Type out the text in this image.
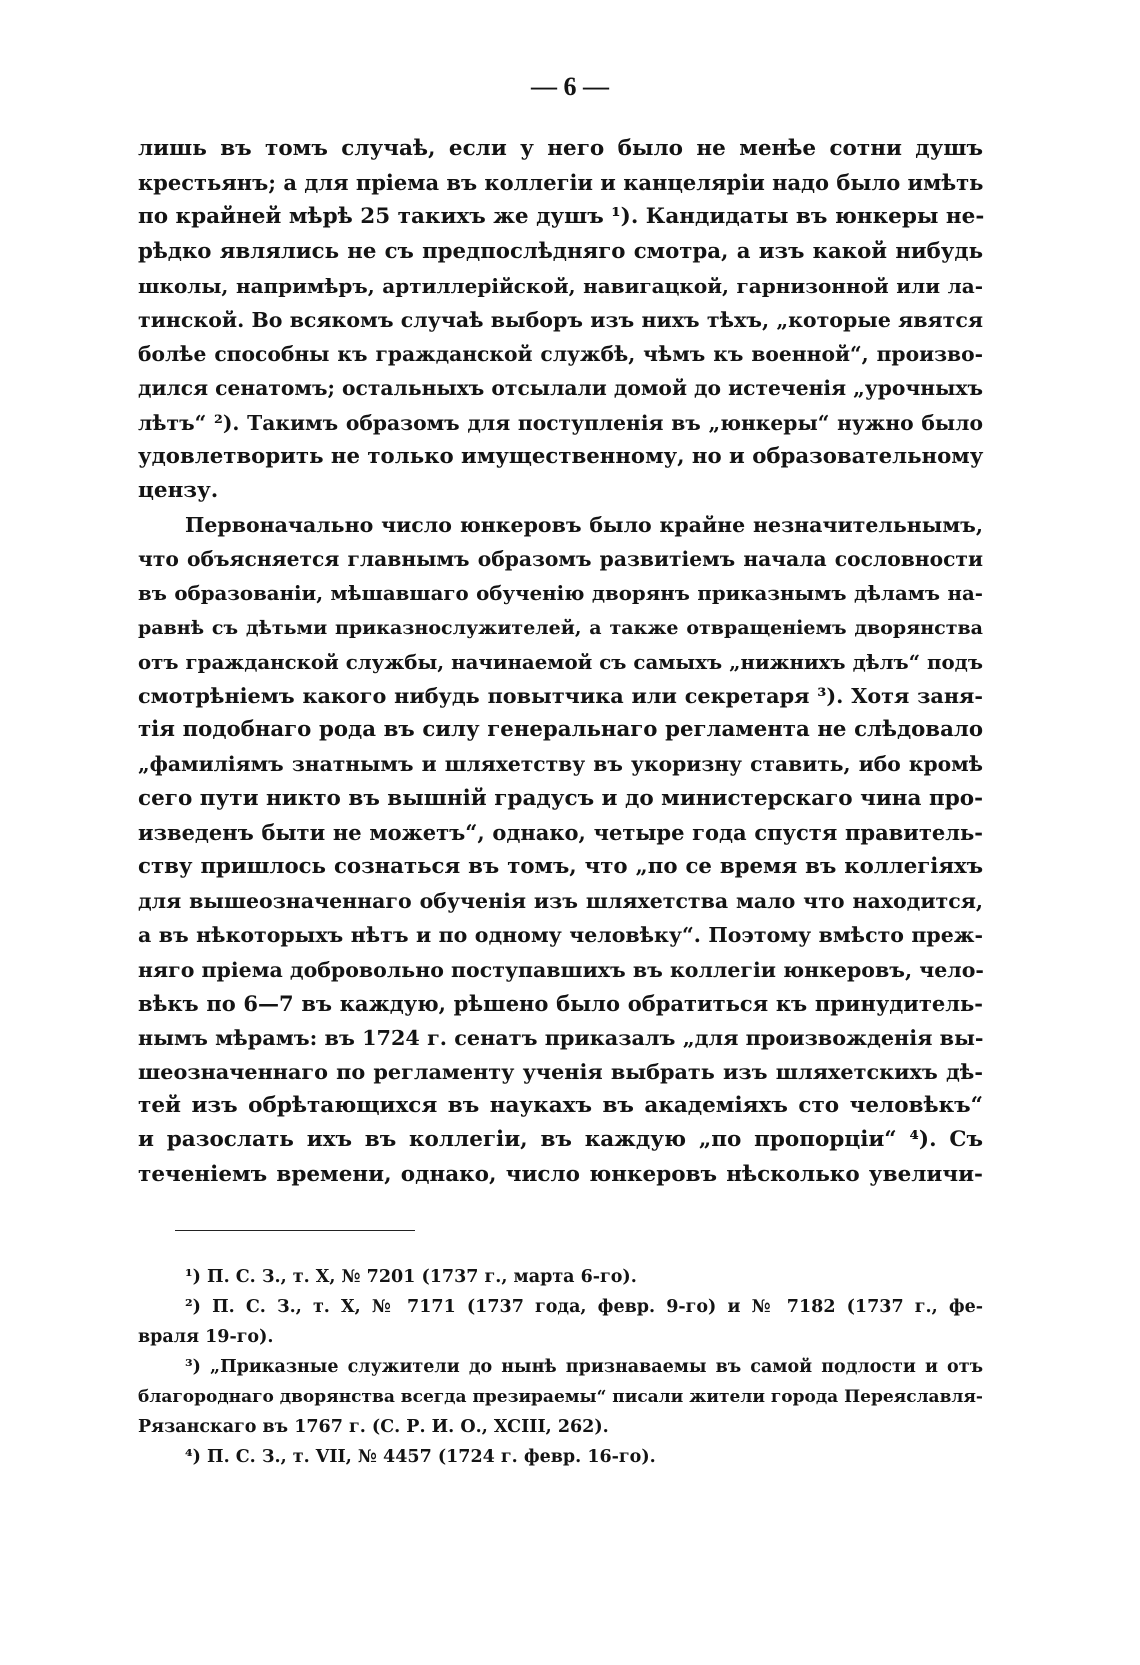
— 6 —
лишь въ томъ случаѣ, если у него было не менѣе сотни душъ
крестьянъ; а для пріема въ коллегіи и канцеляріи надо было имѣть
по крайней мѣрѣ 25 такихъ же душъ ¹). Кандидаты въ юнкеры не-
рѣдко являлись не съ предпослѣдняго смотра, а изъ какой нибудь
школы, напримѣръ, артиллерійской, навигацкой, гарнизонной или ла-
тинской. Во всякомъ случаѣ выборъ изъ нихъ тѣхъ, „которые явятся
болѣе способны къ гражданской службѣ, чѣмъ къ военной“, произво-
дился сенатомъ; остальныхъ отсылали домой до истеченія „урочныхъ
лѣтъ“ ²). Такимъ образомъ для поступленія въ „юнкеры“ нужно было
удовлетворить не только имущественному, но и образовательному
цензу.
Первоначально число юнкеровъ было крайне незначительнымъ,
что объясняется главнымъ образомъ развитіемъ начала сословности
въ образованіи, мѣшавшаго обученію дворянъ приказнымъ дѣламъ на-
равнѣ съ дѣтьми приказнослужителей, а также отвращеніемъ дворянства
отъ гражданской службы, начинаемой съ самыхъ „нижнихъ дѣлъ“ подъ
смотрѣніемъ какого нибудь повытчика или секретаря ³). Хотя заня-
тія подобнаго рода въ силу генеральнаго регламента не слѣдовало
„фамиліямъ знатнымъ и шляхетству въ укоризну ставить, ибо кромѣ
сего пути никто въ вышній градусъ и до министерскаго чина про-
изведенъ быти не можетъ“, однако, четыре года спустя правитель-
ству пришлось сознаться въ томъ, что „по се время въ коллегіяхъ
для вышеозначеннаго обученія изъ шляхетства мало что находится,
а въ нѣкоторыхъ нѣтъ и по одному человѣку“. Поэтому вмѣсто преж-
няго пріема добровольно поступавшихъ въ коллегіи юнкеровъ, чело-
вѣкъ по 6—7 въ каждую, рѣшено было обратиться къ принудитель-
нымъ мѣрамъ: въ 1724 г. сенатъ приказалъ „для произвожденія вы-
шеозначеннаго по регламенту ученія выбрать изъ шляхетскихъ дѣ-
тей изъ обрѣтающихся въ наукахъ въ академіяхъ сто человѣкъ“
и разослать ихъ въ коллегіи, въ каждую „по пропорціи“ ⁴). Съ
теченіемъ времени, однако, число юнкеровъ нѣсколько увеличи-
¹) П. С. З., т. X, № 7201 (1737 г., марта 6-го).
²) П. С. З., т. X, № 7171 (1737 года, февр. 9-го) и № 7182 (1737 г., фе-
враля 19-го).
³) „Приказные служители до нынѣ признаваемы въ самой подлости и отъ
благороднаго дворянства всегда презираемы“ писали жители города Переяславля-
Рязанскаго въ 1767 г. (С. Р. И. О., XCIII, 262).
⁴) П. С. З., т. VII, № 4457 (1724 г. февр. 16-го).
